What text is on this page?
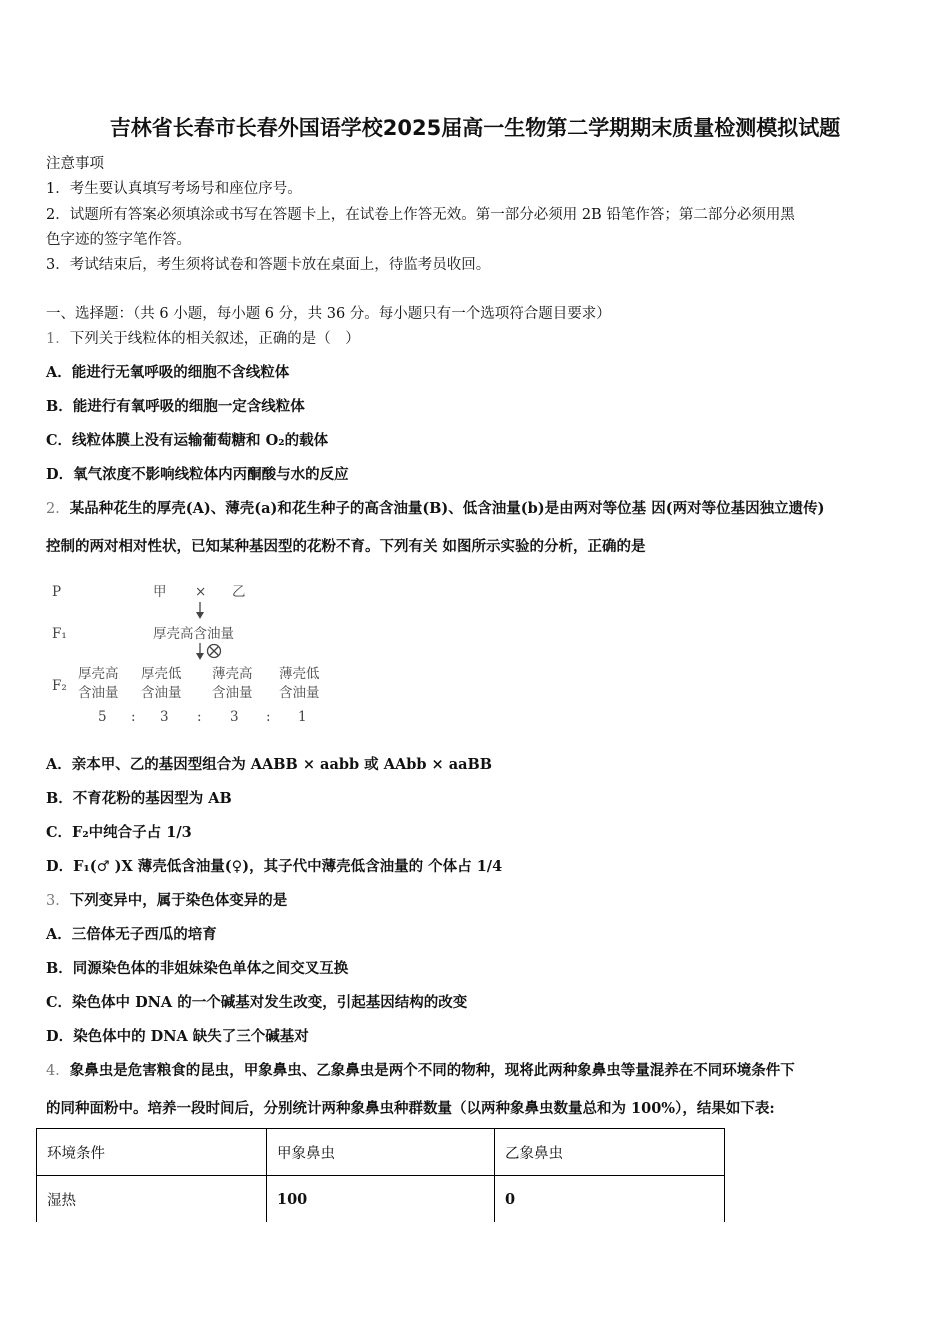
吉林省长春市长春外国语学校2025届高一生物第二学期期末质量检测模拟试题
注意事项
1．考生要认真填写考场号和座位序号。
2．试题所有答案必须填涂或书写在答题卡上，在试卷上作答无效。第一部分必须用 2B 铅笔作答；第二部分必须用黑
色字迹的签字笔作答。
3．考试结束后，考生须将试卷和答题卡放在桌面上，待监考员收回。
一、选择题：（共 6 小题，每小题 6 分，共 36 分。每小题只有一个选项符合题目要求）
1．下列关于线粒体的相关叙述，正确的是（　）
A．能进行无氧呼吸的细胞不含线粒体
B．能进行有氧呼吸的细胞一定含线粒体
C．线粒体膜上没有运输葡萄糖和 O₂的载体
D．氧气浓度不影响线粒体内丙酮酸与水的反应
2．某品种花生的厚壳(A)、薄壳(a)和花生种子的高含油量(B)、低含油量(b)是由两对等位基 因(两对等位基因独立遗传)
控制的两对相对性状，已知某种基因型的花粉不育。下列有关 如图所示实验的分析，正确的是
P	甲 × 乙
F₁	厚壳高含油量
F₂
厚壳高
含油量
厚壳低
含油量
薄壳高
含油量
薄壳低
含油量
5 : 3 : 3 : 1
A．亲本甲、乙的基因型组合为 AABB × aabb 或 AAbb × aaBB
B．不育花粉的基因型为 AB
C．F₂中纯合子占 1/3
D．F₁(♂ )X 薄壳低含油量(♀)，其子代中薄壳低含油量的 个体占 1/4
3．下列变异中，属于染色体变异的是
A．三倍体无子西瓜的培育
B．同源染色体的非姐妹染色单体之间交叉互换
C．染色体中 DNA 的一个碱基对发生改变，引起基因结构的改变
D．染色体中的 DNA 缺失了三个碱基对
4．象鼻虫是危害粮食的昆虫，甲象鼻虫、乙象鼻虫是两个不同的物种，现将此两种象鼻虫等量混养在不同环境条件下
的同种面粉中。培养一段时间后，分别统计两种象鼻虫种群数量（以两种象鼻虫数量总和为 100%），结果如下表:
环境条件	甲象鼻虫	乙象鼻虫
湿热	100	0
